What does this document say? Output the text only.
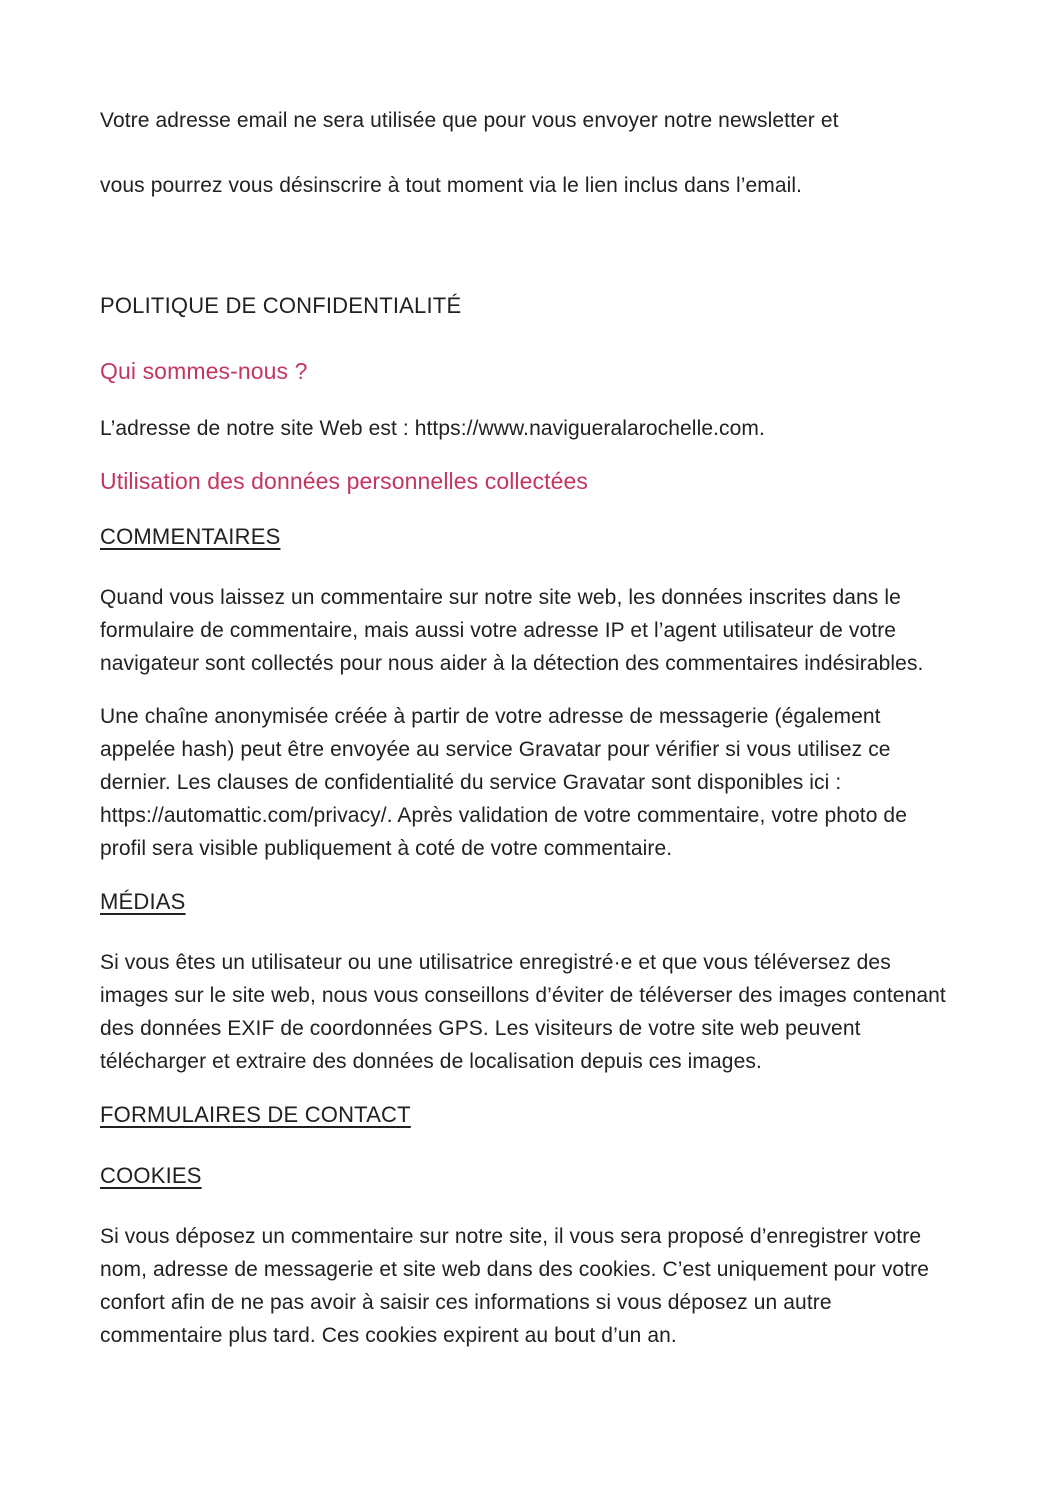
Votre adresse email ne sera utilisée que pour vous envoyer notre newsletter et

vous pourrez vous désinscrire à tout moment via le lien inclus dans l’email.

POLITIQUE DE CONFIDENTIALITÉ
Qui sommes-nous ?

L’adresse de notre site Web est : https://www.navigueralarochelle.com.

Utilisation des données personnelles collectées
COMMENTAIRES

Quand vous laissez un commentaire sur notre site web, les données inscrites dans le formulaire de commentaire, mais aussi votre adresse IP et l’agent utilisateur de votre navigateur sont collectés pour nous aider à la détection des commentaires indésirables.

Une chaîne anonymisée créée à partir de votre adresse de messagerie (également appelée hash) peut être envoyée au service Gravatar pour vérifier si vous utilisez ce dernier. Les clauses de confidentialité du service Gravatar sont disponibles ici : https://automattic.com/privacy/. Après validation de votre commentaire, votre photo de profil sera visible publiquement à coté de votre commentaire.

MÉDIAS

Si vous êtes un utilisateur ou une utilisatrice enregistré·e et que vous téléversez des images sur le site web, nous vous conseillons d’éviter de téléverser des images contenant des données EXIF de coordonnées GPS. Les visiteurs de votre site web peuvent télécharger et extraire des données de localisation depuis ces images.

FORMULAIRES DE CONTACT
COOKIES

Si vous déposez un commentaire sur notre site, il vous sera proposé d’enregistrer votre nom, adresse de messagerie et site web dans des cookies. C’est uniquement pour votre confort afin de ne pas avoir à saisir ces informations si vous déposez un autre commentaire plus tard. Ces cookies expirent au bout d’un an.
